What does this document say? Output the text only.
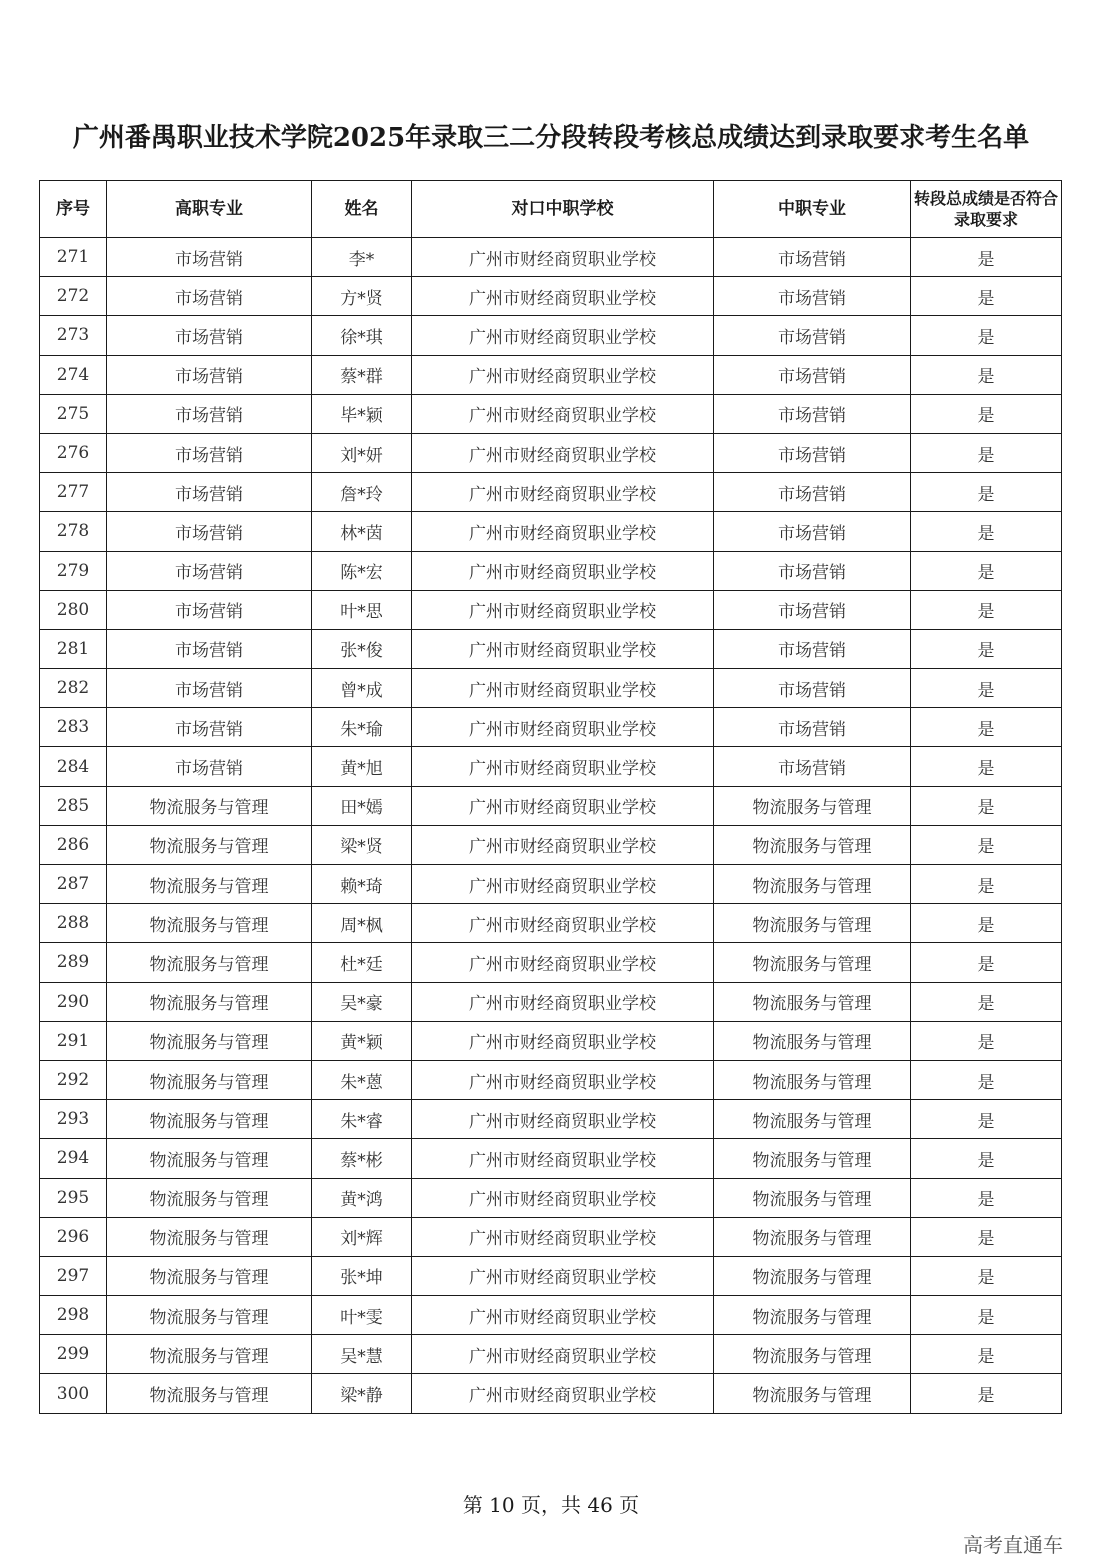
广州番禺职业技术学院2025年录取三二分段转段考核总成绩达到录取要求考生名单
序号	高职专业	姓名	对口中职学校	中职专业	转段总成绩是否符合录取要求
271	市场营销	李*	广州市财经商贸职业学校	市场营销	是
272	市场营销	方*贤	广州市财经商贸职业学校	市场营销	是
273	市场营销	徐*琪	广州市财经商贸职业学校	市场营销	是
274	市场营销	蔡*群	广州市财经商贸职业学校	市场营销	是
275	市场营销	毕*颖	广州市财经商贸职业学校	市场营销	是
276	市场营销	刘*妍	广州市财经商贸职业学校	市场营销	是
277	市场营销	詹*玲	广州市财经商贸职业学校	市场营销	是
278	市场营销	林*茵	广州市财经商贸职业学校	市场营销	是
279	市场营销	陈*宏	广州市财经商贸职业学校	市场营销	是
280	市场营销	叶*思	广州市财经商贸职业学校	市场营销	是
281	市场营销	张*俊	广州市财经商贸职业学校	市场营销	是
282	市场营销	曾*成	广州市财经商贸职业学校	市场营销	是
283	市场营销	朱*瑜	广州市财经商贸职业学校	市场营销	是
284	市场营销	黄*旭	广州市财经商贸职业学校	市场营销	是
285	物流服务与管理	田*嫣	广州市财经商贸职业学校	物流服务与管理	是
286	物流服务与管理	梁*贤	广州市财经商贸职业学校	物流服务与管理	是
287	物流服务与管理	赖*琦	广州市财经商贸职业学校	物流服务与管理	是
288	物流服务与管理	周*枫	广州市财经商贸职业学校	物流服务与管理	是
289	物流服务与管理	杜*廷	广州市财经商贸职业学校	物流服务与管理	是
290	物流服务与管理	吴*豪	广州市财经商贸职业学校	物流服务与管理	是
291	物流服务与管理	黄*颖	广州市财经商贸职业学校	物流服务与管理	是
292	物流服务与管理	朱*蒽	广州市财经商贸职业学校	物流服务与管理	是
293	物流服务与管理	朱*睿	广州市财经商贸职业学校	物流服务与管理	是
294	物流服务与管理	蔡*彬	广州市财经商贸职业学校	物流服务与管理	是
295	物流服务与管理	黄*鸿	广州市财经商贸职业学校	物流服务与管理	是
296	物流服务与管理	刘*辉	广州市财经商贸职业学校	物流服务与管理	是
297	物流服务与管理	张*坤	广州市财经商贸职业学校	物流服务与管理	是
298	物流服务与管理	叶*雯	广州市财经商贸职业学校	物流服务与管理	是
299	物流服务与管理	吴*慧	广州市财经商贸职业学校	物流服务与管理	是
300	物流服务与管理	梁*静	广州市财经商贸职业学校	物流服务与管理	是
第 10 页，共 46 页
高考直通车
